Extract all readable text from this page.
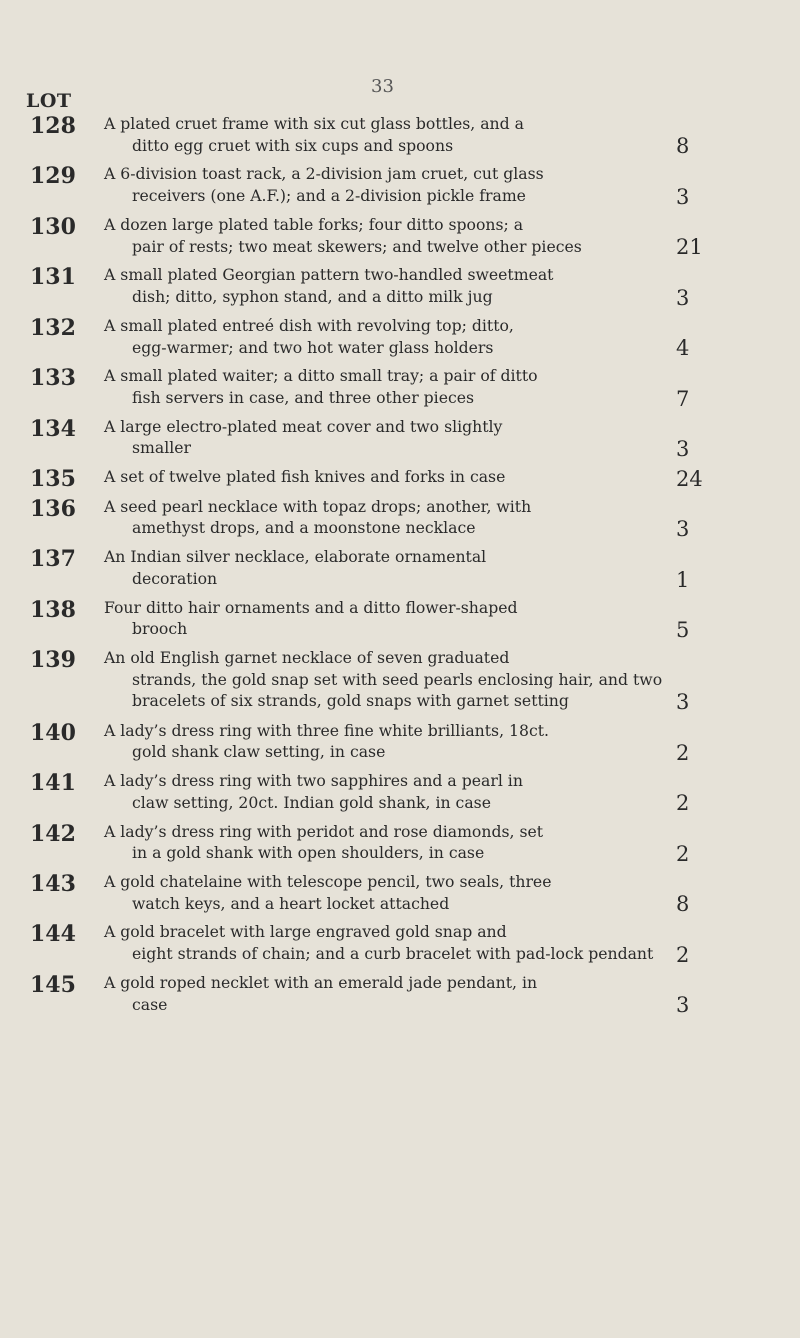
33
LOT
128 A plated cruet frame with six cut glass bottles, and a
ditto egg cruet with six cups and spoons	8
129 A 6-division toast rack, a 2-division jam cruet, cut glass
receivers (one A.F.); and a 2-division pickle frame	3
130 A dozen large plated table forks; four ditto spoons; a
pair of rests; two meat skewers; and twelve other pieces	21
131 A small plated Georgian pattern two-handled sweetmeat
dish; ditto, syphon stand, and a ditto milk jug	3
132 A small plated entreé dish with revolving top; ditto,
egg-warmer; and two hot water glass holders	4
133 A small plated waiter; a ditto small tray; a pair of ditto
fish servers in case, and three other pieces	7
134 A large electro-plated meat cover and two slightly
smaller	3
135 A set of twelve plated fish knives and forks in case	24
136 A seed pearl necklace with topaz drops; another, with
amethyst drops, and a moonstone necklace	3
137 An Indian silver necklace, elaborate ornamental
decoration	1
138 Four ditto hair ornaments and a ditto flower-shaped
brooch	5
139 An old English garnet necklace of seven graduated
strands, the gold snap set with seed pearls enclosing hair, and two bracelets of six strands, gold snaps with garnet setting	3
140 A lady’s dress ring with three fine white brilliants, 18ct.
gold shank claw setting, in case	2
141 A lady’s dress ring with two sapphires and a pearl in
claw setting, 20ct. Indian gold shank, in case	2
142 A lady’s dress ring with peridot and rose diamonds, set
in a gold shank with open shoulders, in case	2
143 A gold chatelaine with telescope pencil, two seals, three
watch keys, and a heart locket attached	8
144 A gold bracelet with large engraved gold snap and
eight strands of chain; and a curb bracelet with pad-lock pendant	2
145 A gold roped necklet with an emerald jade pendant, in
case	3
